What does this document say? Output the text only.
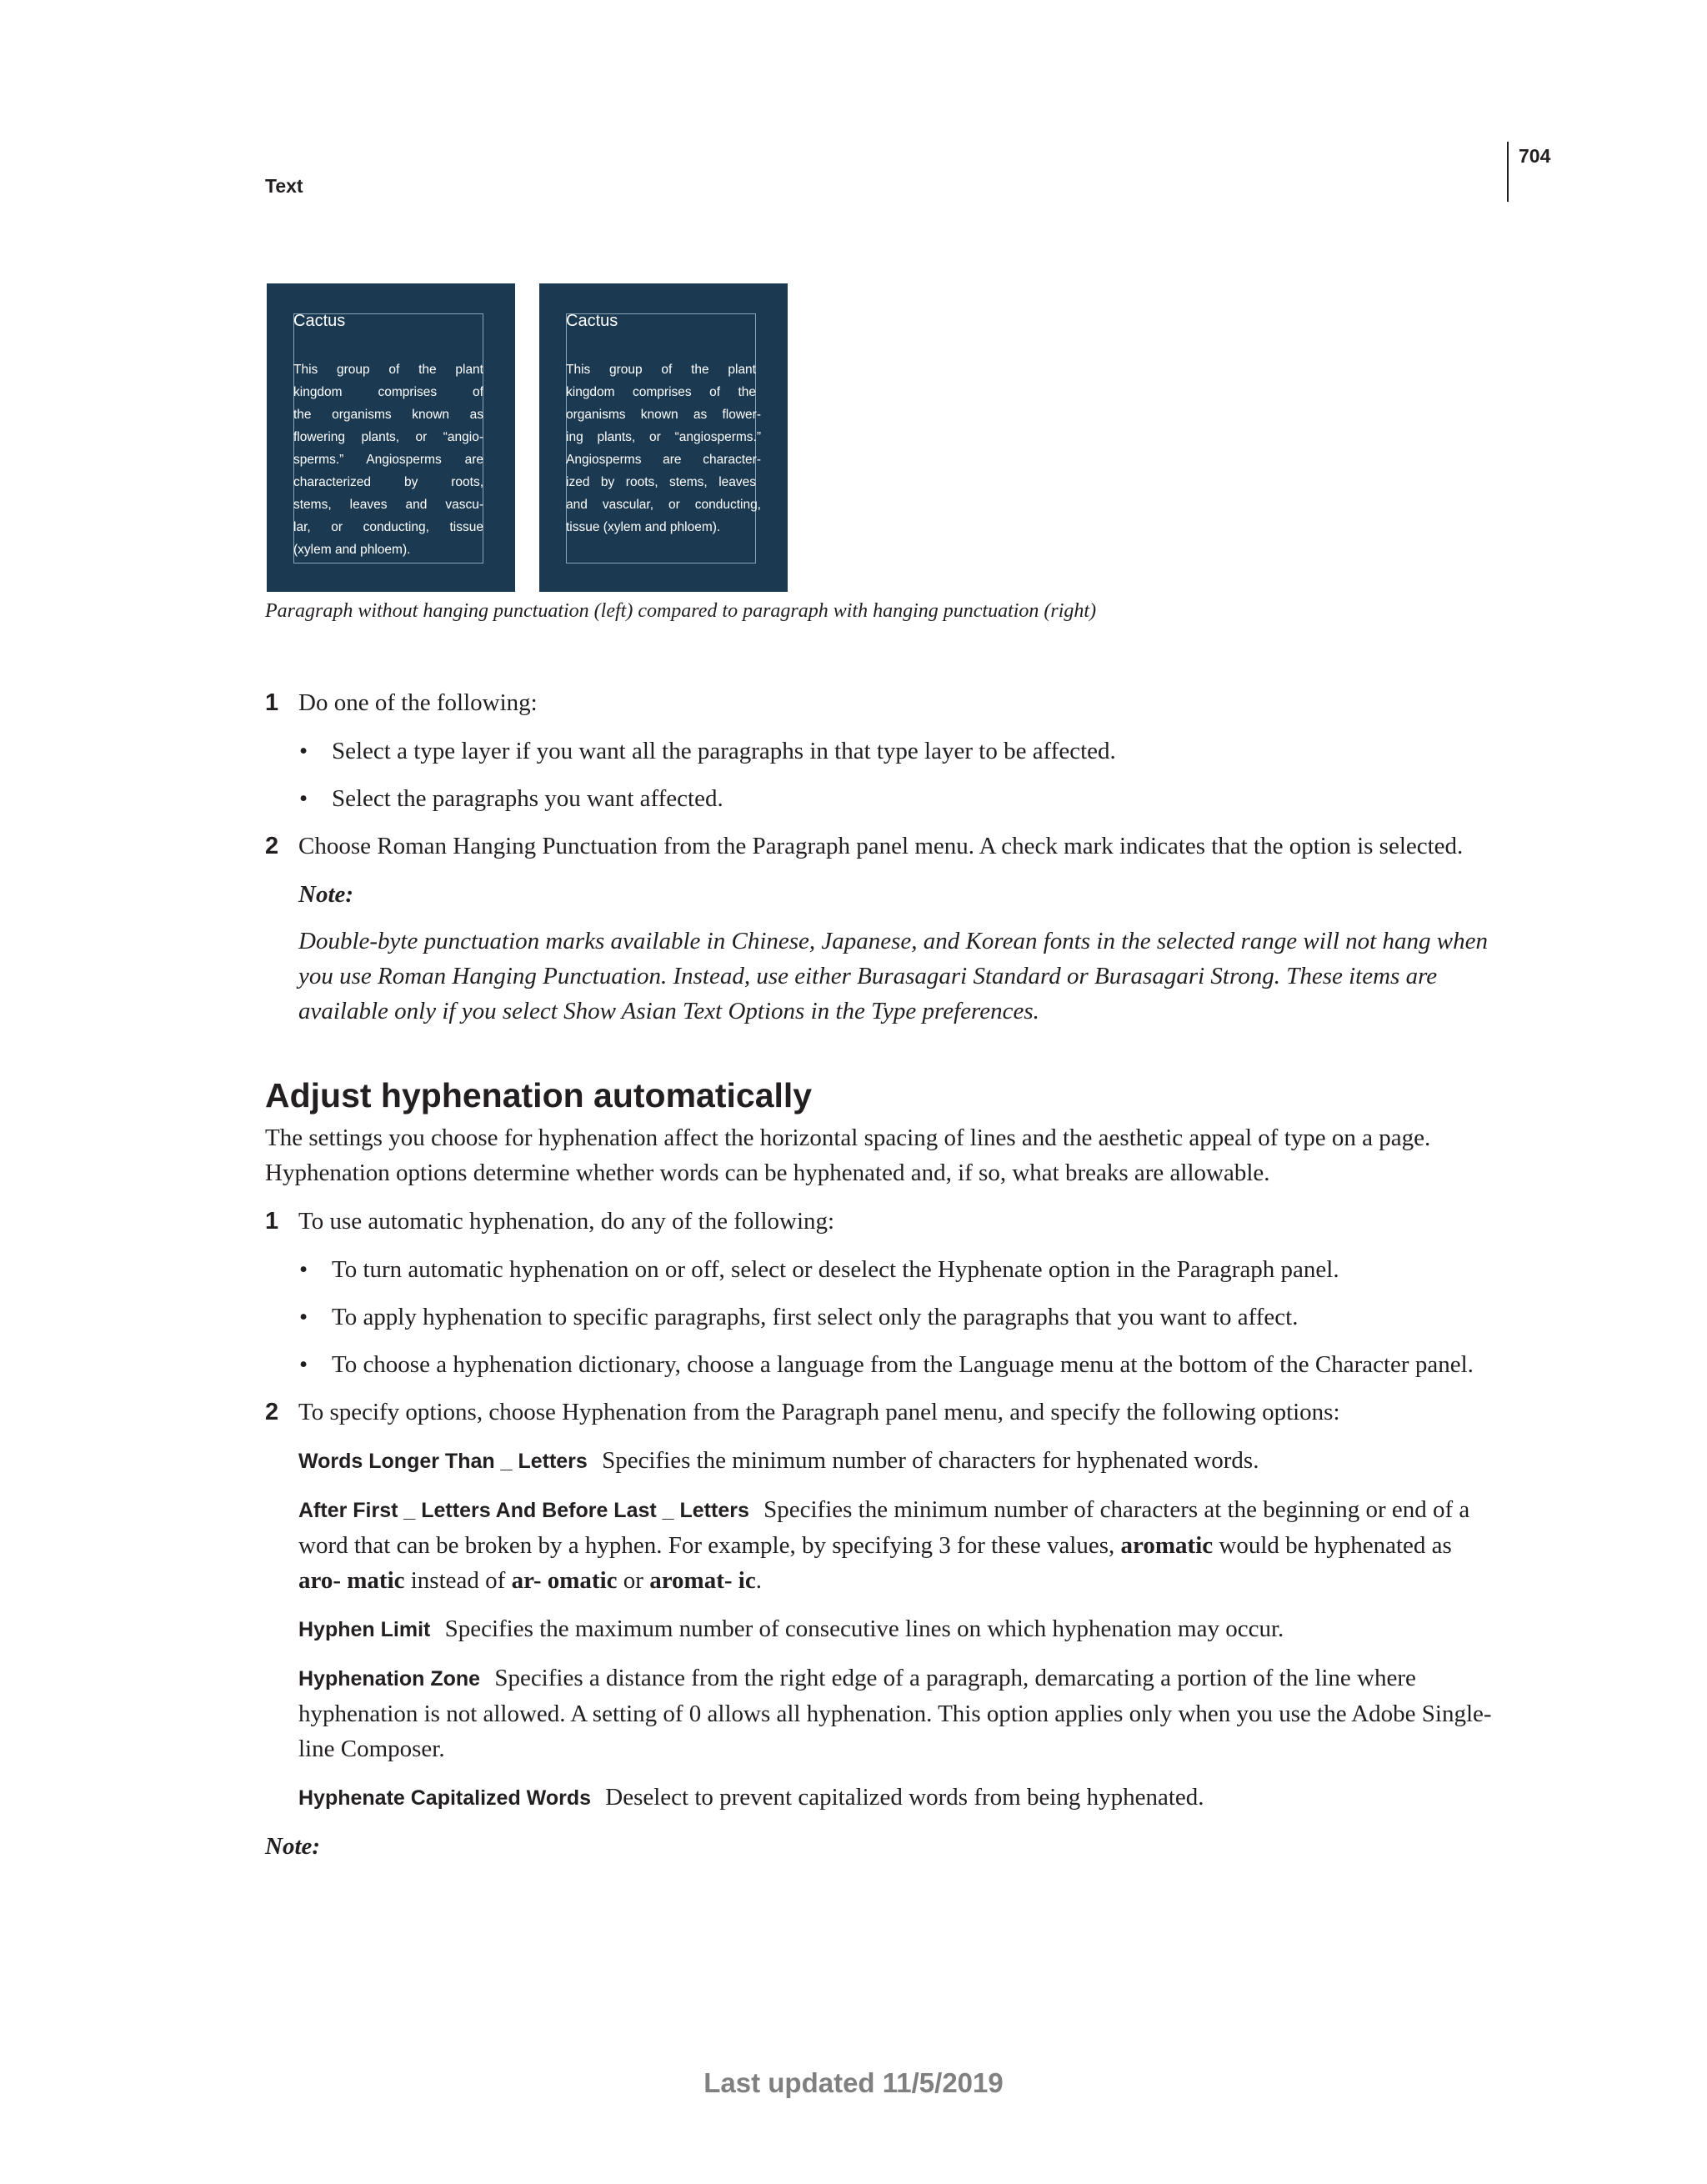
Text
704
Cactus
This group of the plant
kingdom comprises of
the organisms known as
flowering plants, or “angio-
sperms.” Angiosperms are
characterized by roots,
stems, leaves and vascu-
lar, or conducting, tissue
(xylem and phloem).
Cactus
This group of the plant
kingdom comprises of the
organisms known as flower-
ing plants, or “angiosperms.”
Angiosperms are character-
ized by roots, stems, leaves
and vascular, or conducting,
tissue (xylem and phloem).
Paragraph without hanging punctuation (left) compared to paragraph with hanging punctuation (right)
1 Do one of the following:
• Select a type layer if you want all the paragraphs in that type layer to be affected.
• Select the paragraphs you want affected.
2 Choose Roman Hanging Punctuation from the Paragraph panel menu. A check mark indicates that the option is selected.
Note:
Double-byte punctuation marks available in Chinese, Japanese, and Korean fonts in the selected range will not hang when you use Roman Hanging Punctuation. Instead, use either Burasagari Standard or Burasagari Strong. These items are available only if you select Show Asian Text Options in the Type preferences.
Adjust hyphenation automatically
The settings you choose for hyphenation affect the horizontal spacing of lines and the aesthetic appeal of type on a page. Hyphenation options determine whether words can be hyphenated and, if so, what breaks are allowable.
1 To use automatic hyphenation, do any of the following:
• To turn automatic hyphenation on or off, select or deselect the Hyphenate option in the Paragraph panel.
• To apply hyphenation to specific paragraphs, first select only the paragraphs that you want to affect.
• To choose a hyphenation dictionary, choose a language from the Language menu at the bottom of the Character panel.
2 To specify options, choose Hyphenation from the Paragraph panel menu, and specify the following options:
Words Longer Than _ Letters Specifies the minimum number of characters for hyphenated words.
After First _ Letters And Before Last _ Letters Specifies the minimum number of characters at the beginning or end of a word that can be broken by a hyphen. For example, by specifying 3 for these values, aromatic would be hyphenated as aro- matic instead of ar- omatic or aromat- ic.
Hyphen Limit Specifies the maximum number of consecutive lines on which hyphenation may occur.
Hyphenation Zone Specifies a distance from the right edge of a paragraph, demarcating a portion of the line where hyphenation is not allowed. A setting of 0 allows all hyphenation. This option applies only when you use the Adobe Single-line Composer.
Hyphenate Capitalized Words Deselect to prevent capitalized words from being hyphenated.
Note:
Last updated 11/5/2019
